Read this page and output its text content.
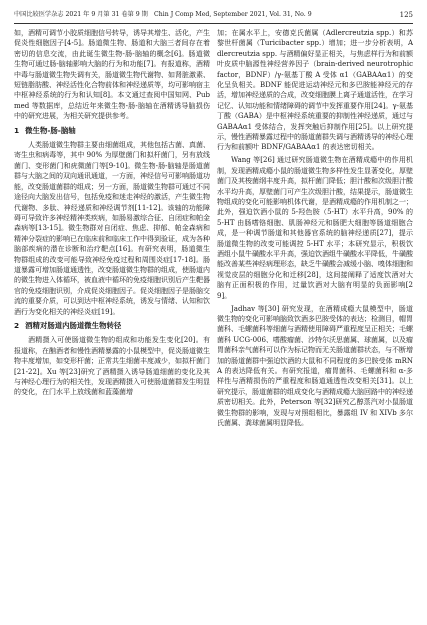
中国比较医学杂志 2021 年 9 月第 31 卷第 9 期　Chin J Comp Med, September 2021, Vol. 31, No. 9	125

如，酒精可调节小胶质细胞信号转导，诱导其增生、活化，产生促炎性细胞因子[4-5]。肠道微生物、肠道和大脑三者间存在着密切的信息交流，由此诞生微生物-肠-脑轴的概念[6]。肠道微生物可通过肠-脑轴影响大脑的行为和功能[7]。有报道称，酒精中毒与肠道微生物失调有关，肠道微生物代谢物、如肾脏激素、短链脂肪酸、神经活性化合物前体和神经递质等，均可影响宿主中枢神经系统的行为和认知[8]。本文通过查阅中国知网、Pubmed 等数据库，总结近年来微生物-肠-脑轴在酒精诱导脑损伤中的研究进展，为相关研究提供参考。

1 微生物-肠-脑轴

人类肠道微生物群主要由细菌组成，其他包括古菌、真菌、寄生虫和病毒等，其中 90% 为厚壁菌门和拟杆菌门，另有放线菌门、变形菌门和疣微菌门等[9-10]。微生物-肠-脑轴是肠道菌群与大脑之间的双向通讯通道，一方面，神经信号可影响肠道功能，改变肠道菌群的组成；另一方面，肠道微生物群可通过不同途径向大脑发出信号，包括免疫和迷走神经的激活，产生微生物代谢物、多肽、神经递质和神经调节剂[11-12]。该轴的功能障碍可导致许多神经精神类疾病，如肠易激综合征、自闭症和帕金森病等[13-15]。微生物群对自闭症、焦虑、抑郁、帕金森病和精神分裂症的影响已在临床前和临床工作中得到验证，成为各种脑部疾病的潜在诊断和治疗靶点[16]。有研究表明，肠道微生物群组成的改变可能导致神经免疫过程和周围炎症[17-18]。肠道暴露可增加肠道通透性，改变肠道微生物群的组成，使肠道内的微生物进入体循环，被血液中循环的免疫细胞识别后产生靶器官的免疫细胞识别，介成促炎细胞因子。促炎细胞因子是肠脑交流的重要介质，可以到达中枢神经系统，诱发与情绪、认知和饮酒行为变化相关的神经炎症[19]。

2 酒精对肠道内肠道微生物转径

酒精摄入可使肠道微生物的组成和功能发生变化[20]。有报道称，在酗酒者和慢性酒精暴露的小鼠模型中，促炎肠道微生物丰度增加，如变形杆菌；正常共生细菌丰度减少，如拟杆菌门[21-22]。Xu 等[23]研究了酒精摄入诱导肠道细菌的变化及其与神经心理行为的相关性，发现酒精摄入可使肠道菌群发生明显的变化，在门水平上放线菌和蓝藻菌增

加；在属水平上，安德克氏菌属（Adlercreutzia spp.）和苏黎世杆菌属（Turicibacter spp.）增加；进一步分析表明，Adlercreutzia spp. 与酒精偏好显正相关，与焦虑样行为和前额叶皮质中脑源性神经营养因子（brain-derived neurotrophic factor，BDNF）/γ-氨基丁酸 A 受体 α1（GABAAα1）的变化呈负相关。BDNF 能促进运动神经元和多巴胺能神经元的存活，增加神经递质的合成，改变细胞膜上离子通道活性，在学习记忆、认知功能和情绪障碍的调节中发挥重要作用[24]。γ-氨基丁酸（GABA）是中枢神经系统重要的抑制性神经递质，通过与 GABAAα1 受体结合，发挥突触后抑制作用[25]。以上研究提示，慢性酒精暴露过程中的肠道菌群失调与酒精诱导的神经心理行为和前额叶 BDNF/GABAAα1 的表达密切相关。

Wang 等[26] 通过研究肠道微生物在酒精成瘾中的作用机制，发现酒精成瘾小鼠的肠道微生物多样性发生显著变化，厚壁菌门及其梭菌纲丰度升高，拟杆菌门降低；胆汁酸和次级胆汁酸水平均升高，厚壁菌门可产生次级胆汁酸，结果提示，肠道微生物组成的变化可能影响机体代谢，是酒精成瘾的作用机制之一；此外，强迫饮酒小鼠的 5-羟色胺（5-HT）水平升高，90% 的 5-HT 由肠嗜铬细胞、肌肠神经元和肠肥大细胞等肠道细胞合成，是一种调节肠道和其他器官系统的脑神经递质[27]，提示肠道微生物的改变可能调控 5-HT 水平；本研究显示，积极饮酒组小鼠牛磺酸水平升高，强迫饮酒组牛磺酸水平降低，牛磺酸能改善某些神经病理形态，缺乏牛磺酸会减缓小脑、嗅体细胞和视觉皮层的细胞分化和迁移[28]，这间接阐释了适度饮酒对大脑有正面积极的作用，过量饮酒对大脑有明显的负面影响[29]。

Jadhav 等[30] 研究发现，在酒精成瘾大鼠模型中，肠道微生物的变化可影响脑致饮酒多巴胺受体的表达；检测目，帽胃菌科、毛螺菌科等细菌与酒精使用障碍严重程度呈正相关；毛螺菌科 UCG-006、嗜酸瘤菌、沙特尔沃思菌属、球菌属，以及瘤胃菌科亲气菌科可以作为标记物而无关肠道菌群状态，与不断增加的肠道菌群中强迫饮酒的大鼠和不同程度的多巴胺受体 mRNA 的表达降低有关。有研究报道，瘤胃菌科、毛螺菌科和 α-多样性与酒精损伤的严重程度和肠道通透性改变相关[31]。以上研究提示，肠道菌群的组成变化与酒精成瘾大脑回路中的神经递质密切相关。此外，Peterson 等[32]研究乙醇蒸汽对小鼠肠道微生物群的影响，发现与对照组相比，暴露组 IV 和 XIVb 多尔氏菌属、粪球菌属明显降低。
